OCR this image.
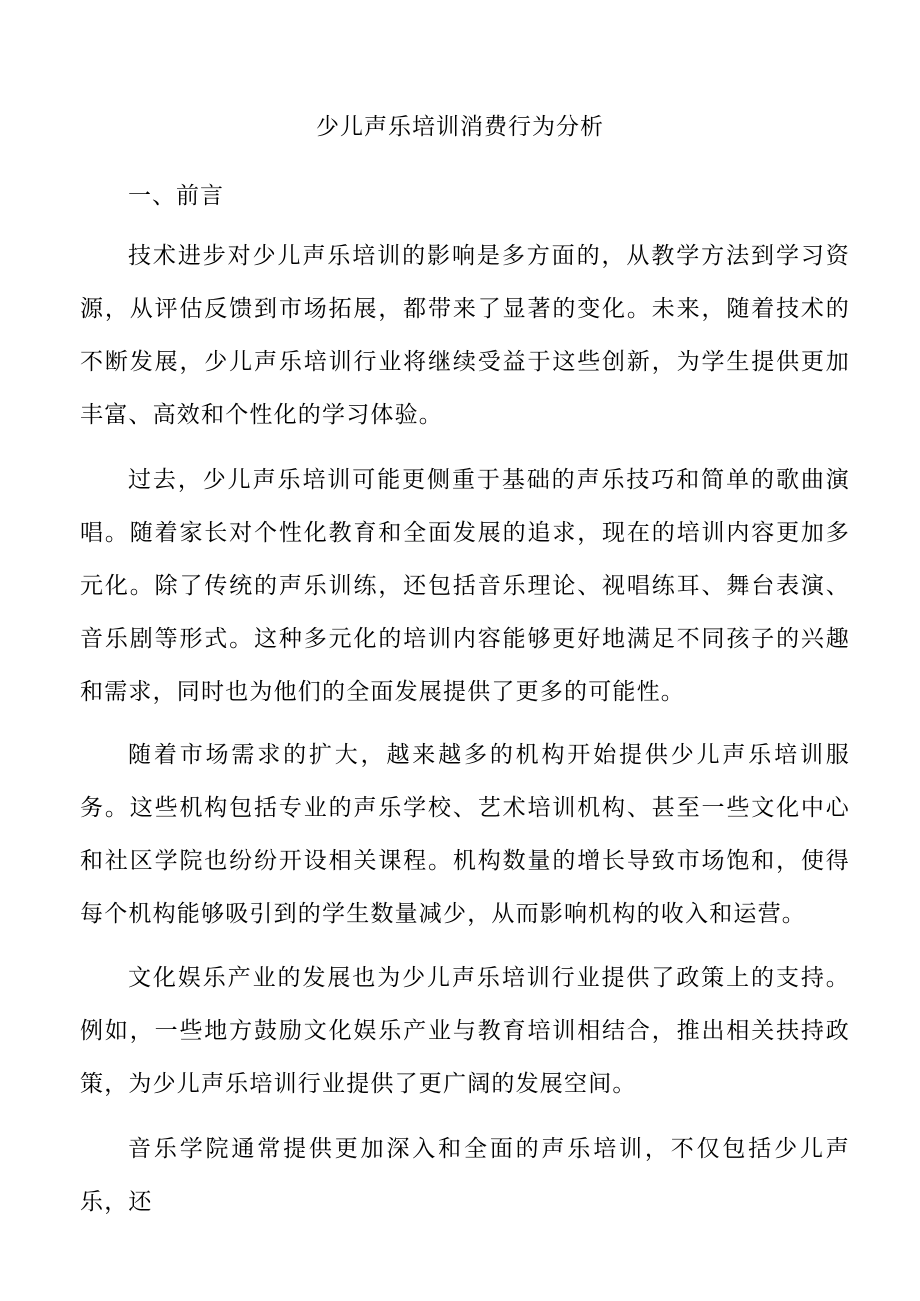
少儿声乐培训消费行为分析
一、前言

技术进步对少儿声乐培训的影响是多方面的，从教学方法到学习资源，从评估反馈到市场拓展，都带来了显著的变化。未来，随着技术的不断发展，少儿声乐培训行业将继续受益于这些创新，为学生提供更加丰富、高效和个性化的学习体验。

过去，少儿声乐培训可能更侧重于基础的声乐技巧和简单的歌曲演唱。随着家长对个性化教育和全面发展的追求，现在的培训内容更加多元化。除了传统的声乐训练，还包括音乐理论、视唱练耳、舞台表演、音乐剧等形式。这种多元化的培训内容能够更好地满足不同孩子的兴趣和需求，同时也为他们的全面发展提供了更多的可能性。

随着市场需求的扩大，越来越多的机构开始提供少儿声乐培训服务。这些机构包括专业的声乐学校、艺术培训机构、甚至一些文化中心和社区学院也纷纷开设相关课程。机构数量的增长导致市场饱和，使得每个机构能够吸引到的学生数量减少，从而影响机构的收入和运营。

文化娱乐产业的发展也为少儿声乐培训行业提供了政策上的支持。例如，一些地方鼓励文化娱乐产业与教育培训相结合，推出相关扶持政策，为少儿声乐培训行业提供了更广阔的发展空间。

音乐学院通常提供更加深入和全面的声乐培训，不仅包括少儿声乐，还
